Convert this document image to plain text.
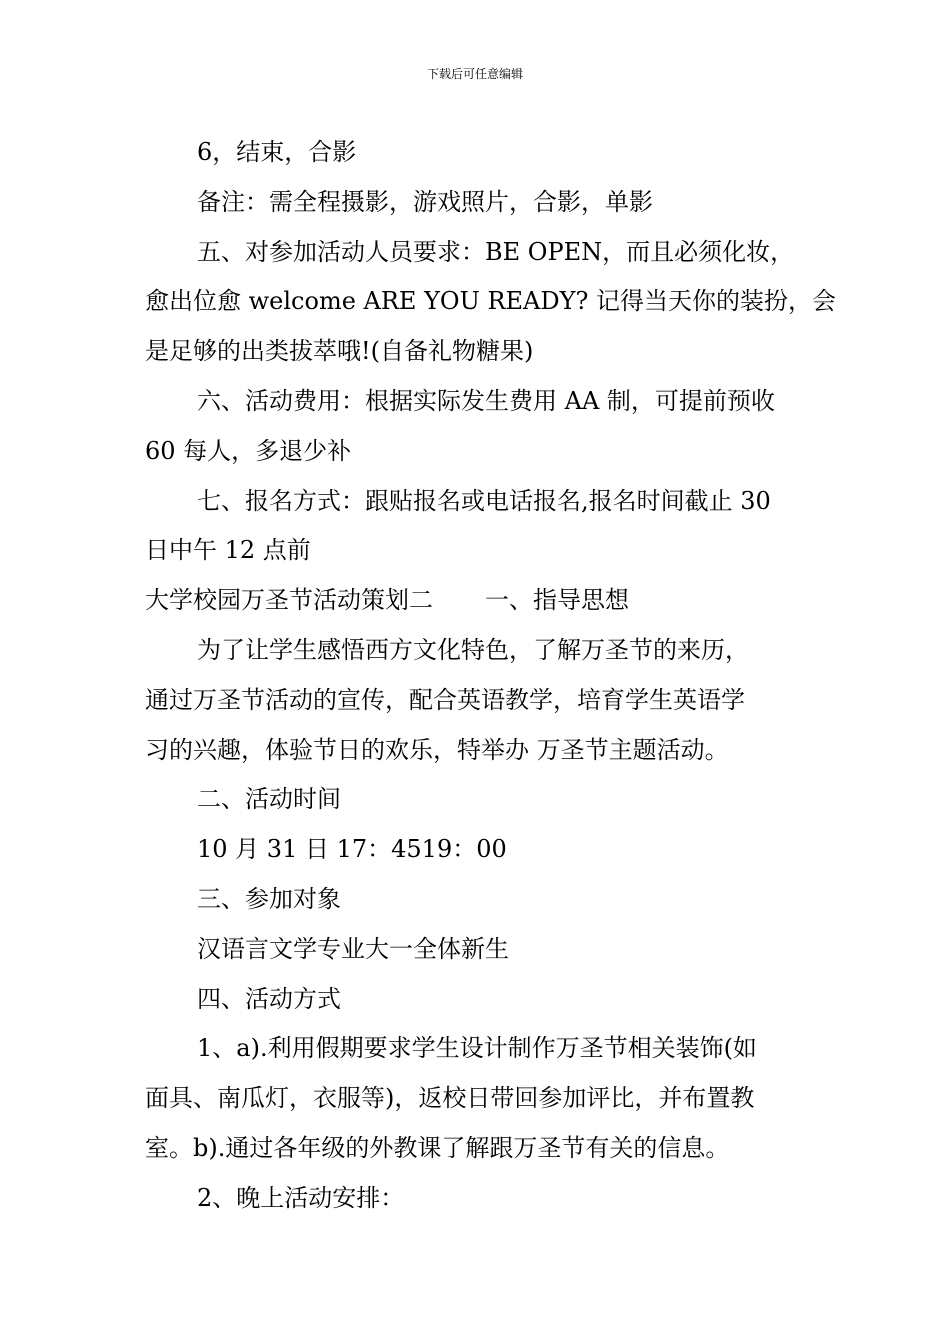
下载后可任意编辑

6，结束，合影

备注：需全程摄影，游戏照片，合影，单影

五、对参加活动人员要求：BE OPEN，而且必须化妆，

愈出位愈 welcome ARE YOU READY? 记得当天你的装扮，会

是足够的出类拔萃哦!(自备礼物糖果)

六、活动费用：根据实际发生费用 AA 制，可提前预收

60 每人，多退少补

七、报名方式：跟贴报名或电话报名,报名时间截止 30

日中午 12 点前

大学校园万圣节活动策划二 一、指导思想

为了让学生感悟西方文化特色，了解万圣节的来历，

通过万圣节活动的宣传，配合英语教学，培育学生英语学

习的兴趣，体验节日的欢乐，特举办 万圣节主题活动。

二、活动时间

10 月 31 日 17：4519：00

三、参加对象

汉语言文学专业大一全体新生

四、活动方式

1、a).利用假期要求学生设计制作万圣节相关装饰(如

面具、南瓜灯，衣服等)，返校日带回参加评比，并布置教

室。b).通过各年级的外教课了解跟万圣节有关的信息。

2、晚上活动安排：
